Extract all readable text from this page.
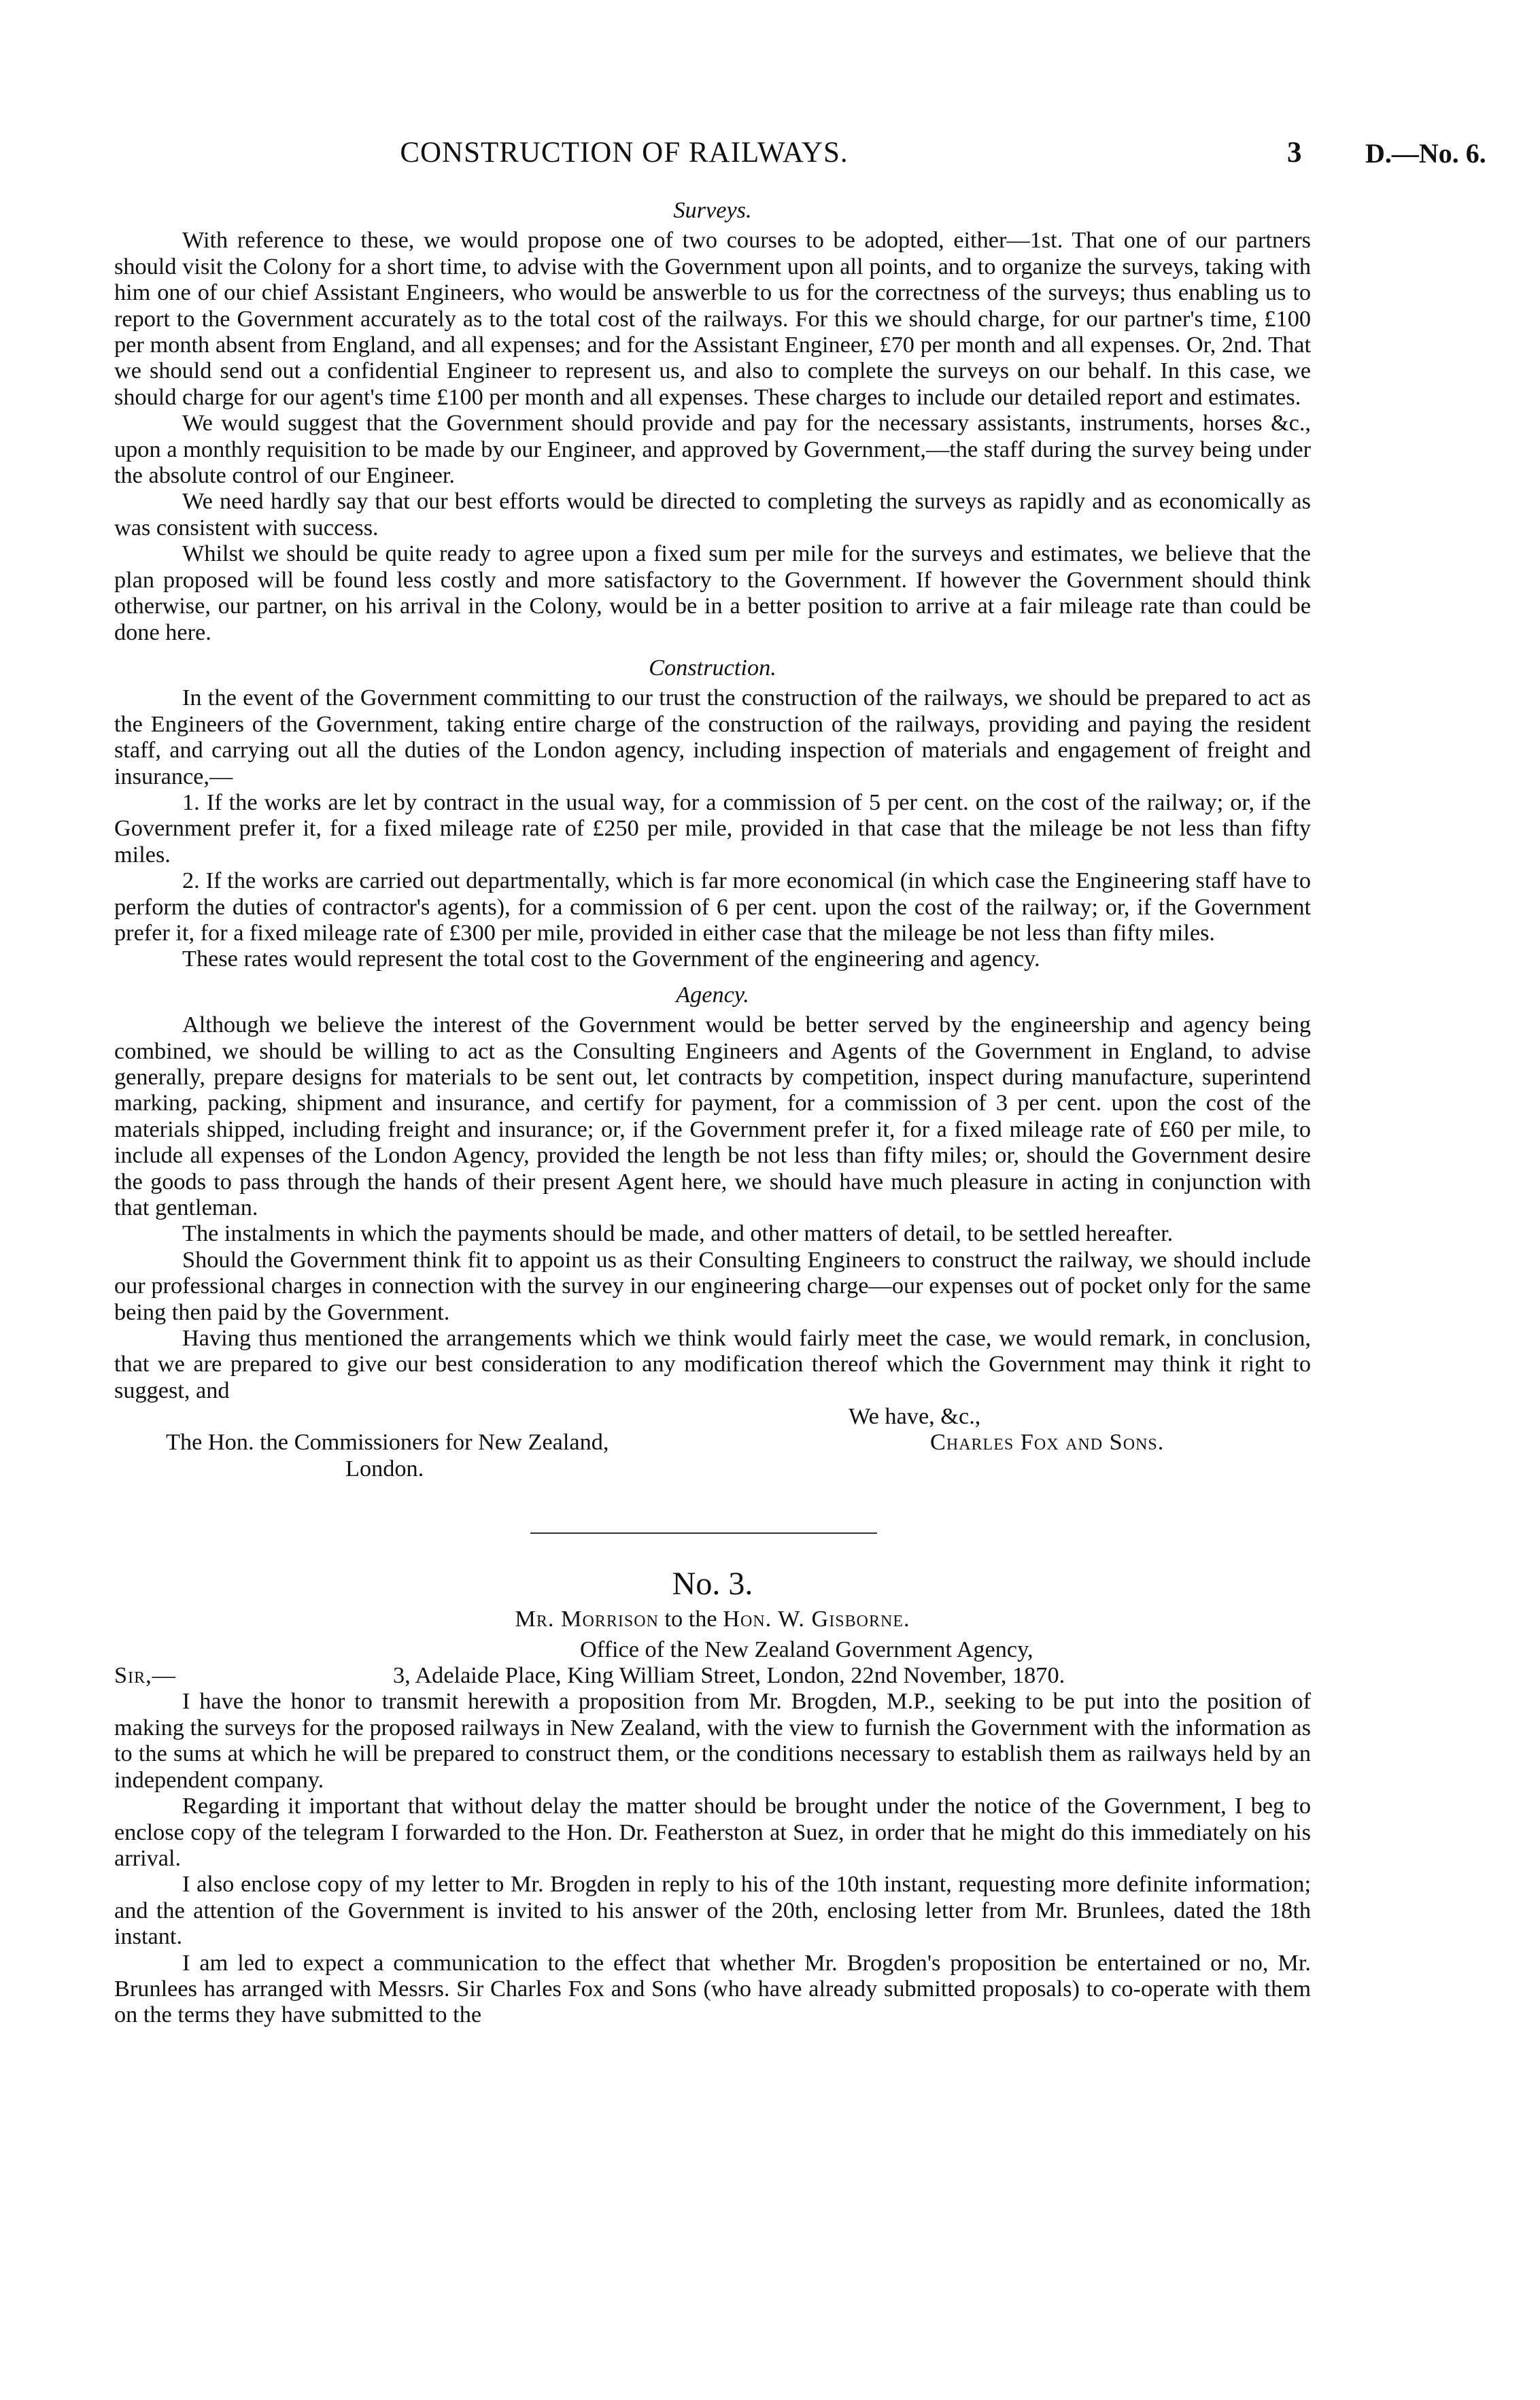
CONSTRUCTION OF RAILWAYS.	3 D.—No. 6.
Surveys.

With reference to these, we would propose one of two courses to be adopted, either—1st. That one of our partners should visit the Colony for a short time, to advise with the Government upon all points, and to organize the surveys, taking with him one of our chief Assistant Engineers, who would be answerble to us for the correctness of the surveys; thus enabling us to report to the Government accurately as to the total cost of the railways. For this we should charge, for our partner's time, £100 per month absent from England, and all expenses; and for the Assistant Engineer, £70 per month and all expenses. Or, 2nd. That we should send out a confidential Engineer to represent us, and also to complete the surveys on our behalf. In this case, we should charge for our agent's time £100 per month and all expenses. These charges to include our detailed report and estimates.

We would suggest that the Government should provide and pay for the necessary assistants, instruments, horses &c., upon a monthly requisition to be made by our Engineer, and approved by Government,—the staff during the survey being under the absolute control of our Engineer.

We need hardly say that our best efforts would be directed to completing the surveys as rapidly and as economically as was consistent with success.

Whilst we should be quite ready to agree upon a fixed sum per mile for the surveys and estimates, we believe that the plan proposed will be found less costly and more satisfactory to the Government. If however the Government should think otherwise, our partner, on his arrival in the Colony, would be in a better position to arrive at a fair mileage rate than could be done here.

Construction.

In the event of the Government committing to our trust the construction of the railways, we should be prepared to act as the Engineers of the Government, taking entire charge of the construction of the railways, providing and paying the resident staff, and carrying out all the duties of the London agency, including inspection of materials and engagement of freight and insurance,—

1. If the works are let by contract in the usual way, for a commission of 5 per cent. on the cost of the railway; or, if the Government prefer it, for a fixed mileage rate of £250 per mile, provided in that case that the mileage be not less than fifty miles.

2. If the works are carried out departmentally, which is far more economical (in which case the Engineering staff have to perform the duties of contractor's agents), for a commission of 6 per cent. upon the cost of the railway; or, if the Government prefer it, for a fixed mileage rate of £300 per mile, provided in either case that the mileage be not less than fifty miles.

These rates would represent the total cost to the Government of the engineering and agency.

Agency.

Although we believe the interest of the Government would be better served by the engineership and agency being combined, we should be willing to act as the Consulting Engineers and Agents of the Government in England, to advise generally, prepare designs for materials to be sent out, let contracts by competition, inspect during manufacture, superintend marking, packing, shipment and insurance, and certify for payment, for a commission of 3 per cent. upon the cost of the materials shipped, including freight and insurance; or, if the Government prefer it, for a fixed mileage rate of £60 per mile, to include all expenses of the London Agency, provided the length be not less than fifty miles; or, should the Government desire the goods to pass through the hands of their present Agent here, we should have much pleasure in acting in conjunction with that gentleman.

The instalments in which the payments should be made, and other matters of detail, to be settled hereafter.

Should the Government think fit to appoint us as their Consulting Engineers to construct the railway, we should include our professional charges in connection with the survey in our engineering charge—our expenses out of pocket only for the same being then paid by the Government.

Having thus mentioned the arrangements which we think would fairly meet the case, we would remark, in conclusion, that we are prepared to give our best consideration to any modification thereof which the Government may think it right to suggest, and

We have, &c.,
The Hon. the Commissioners for New Zealand,	Charles Fox and Sons.
London.
No. 3.
Mr. Morrison to the Hon. W. Gisborne.
Office of the New Zealand Government Agency,
Sir,—	3, Adelaide Place, King William Street, London, 22nd November, 1870.

I have the honor to transmit herewith a proposition from Mr. Brogden, M.P., seeking to be put into the position of making the surveys for the proposed railways in New Zealand, with the view to furnish the Government with the information as to the sums at which he will be prepared to construct them, or the conditions necessary to establish them as railways held by an independent company.

Regarding it important that without delay the matter should be brought under the notice of the Government, I beg to enclose copy of the telegram I forwarded to the Hon. Dr. Featherston at Suez, in order that he might do this immediately on his arrival.

I also enclose copy of my letter to Mr. Brogden in reply to his of the 10th instant, requesting more definite information; and the attention of the Government is invited to his answer of the 20th, enclosing letter from Mr. Brunlees, dated the 18th instant.

I am led to expect a communication to the effect that whether Mr. Brogden's proposition be entertained or no, Mr. Brunlees has arranged with Messrs. Sir Charles Fox and Sons (who have already submitted proposals) to co-operate with them on the terms they have submitted to the
